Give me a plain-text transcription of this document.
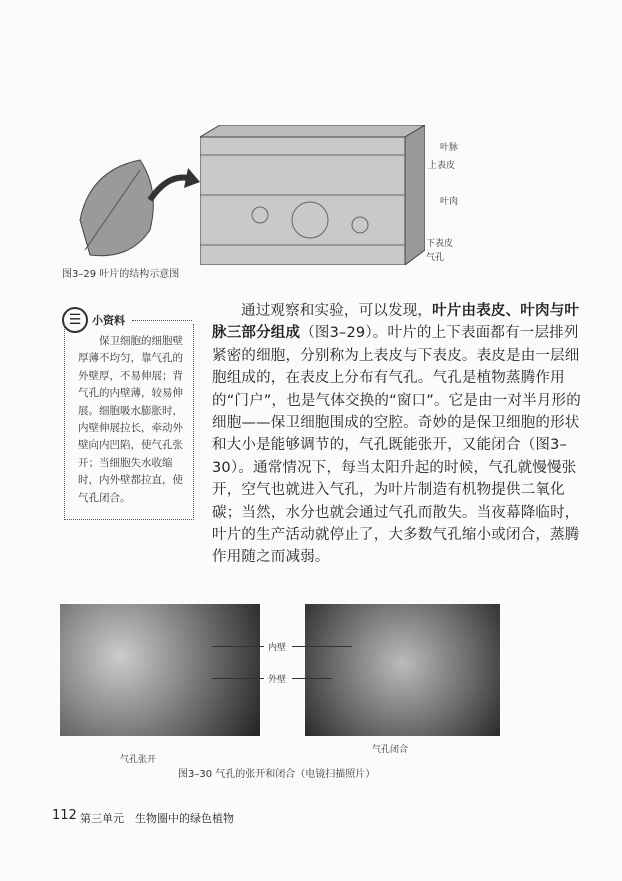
叶脉
上表皮
叶肉
下表皮
气孔
图3–29 叶片的结构示意图
☰ 小资料
保卫细胞的细胞壁厚薄不均匀，靠气孔的外壁厚，不易伸展；背气孔的内壁薄，较易伸展。细胞吸水膨胀时，内壁伸展拉长，牵动外壁向内凹陷，使气孔张开；当细胞失水收缩时，内外壁都拉直，使气孔闭合。
通过观察和实验，可以发现，叶片由表皮、叶肉与叶脉三部分组成（图3–29）。叶片的上下表面都有一层排列紧密的细胞，分别称为上表皮与下表皮。表皮是由一层细胞组成的，在表皮上分布有气孔。气孔是植物蒸腾作用的“门户”，也是气体交换的“窗口”。它是由一对半月形的细胞——保卫细胞围成的空腔。奇妙的是保卫细胞的形状和大小是能够调节的，气孔既能张开，又能闭合（图3–30）。通常情况下，每当太阳升起的时候，气孔就慢慢张开，空气也就进入气孔，为叶片制造有机物提供二氧化碳；当然，水分也就会通过气孔而散失。当夜幕降临时，叶片的生产活动就停止了，大多数气孔缩小或闭合，蒸腾作用随之而减弱。
内壁
外壁
气孔张开
气孔闭合
图3–30 气孔的张开和闭合（电镜扫描照片）
112 第三单元　生物圈中的绿色植物
